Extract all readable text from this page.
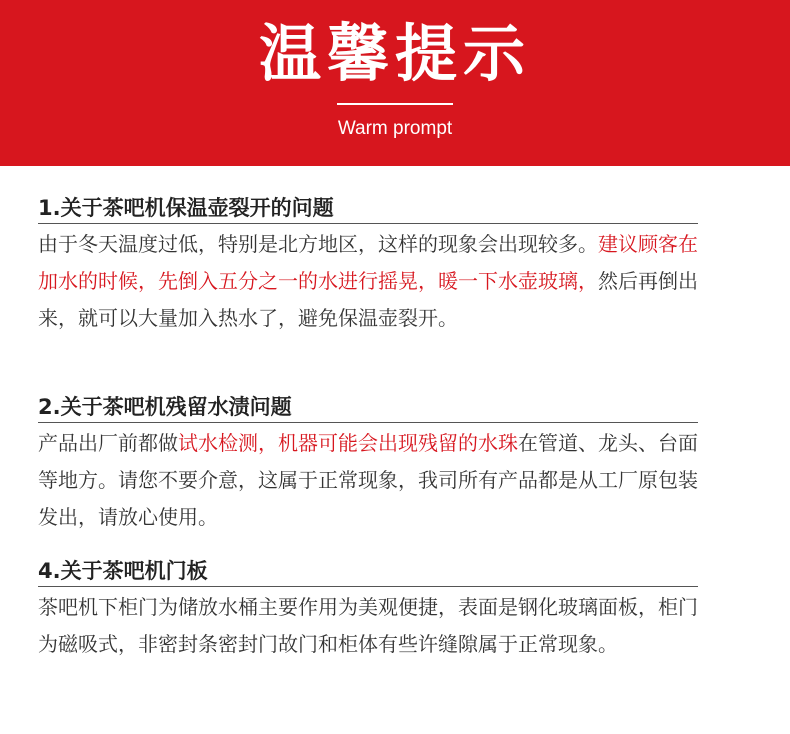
温馨提示
Warm prompt
1.关于茶吧机保温壶裂开的问题
由于冬天温度过低，特别是北方地区，这样的现象会出现较多。建议顾客在加水的时候，先倒入五分之一的水进行摇晃，暖一下水壶玻璃，然后再倒出来，就可以大量加入热水了，避免保温壶裂开。
2.关于茶吧机残留水渍问题
产品出厂前都做试水检测，机器可能会出现残留的水珠在管道、龙头、台面等地方。请您不要介意，这属于正常现象，我司所有产品都是从工厂原包装发出，请放心使用。
4.关于茶吧机门板
茶吧机下柜门为储放水桶主要作用为美观便捷，表面是钢化玻璃面板，柜门为磁吸式，非密封条密封门故门和柜体有些许缝隙属于正常现象。
